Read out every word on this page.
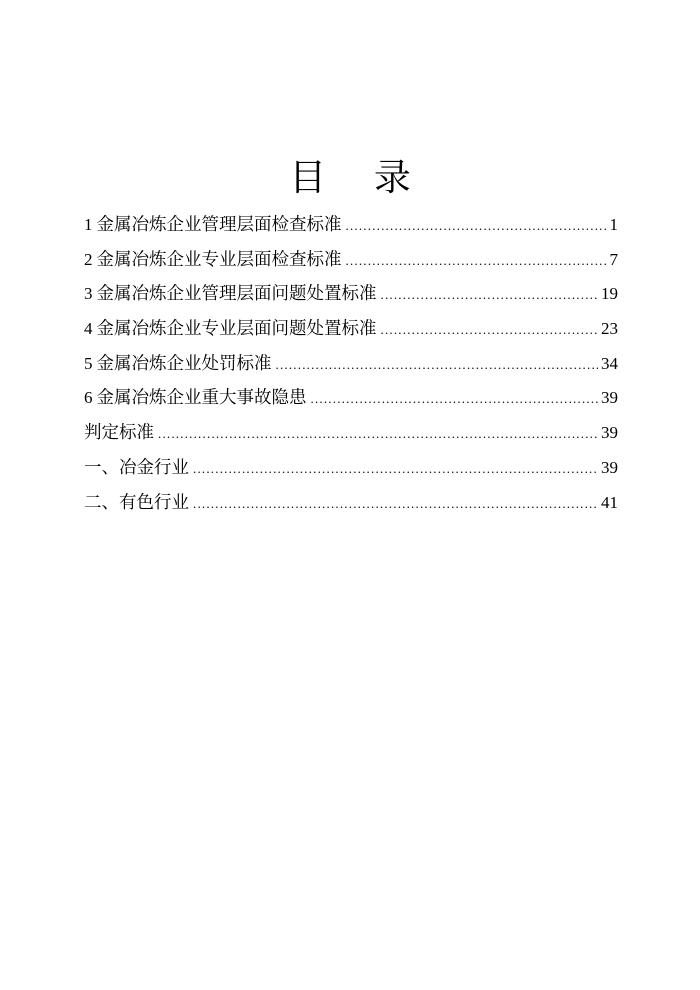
目 录
1 金属冶炼企业管理层面检查标准 .....	1
2 金属冶炼企业专业层面检查标准 .....	7
3 金属冶炼企业管理层面问题处置标准 .....	19
4 金属冶炼企业专业层面问题处置标准 .....	23
5 金属冶炼企业处罚标准 .....	34
6 金属冶炼企业重大事故隐患 .....	39
判定标准 .....	39
一、冶金行业 .....	39
二、有色行业 .....	41
